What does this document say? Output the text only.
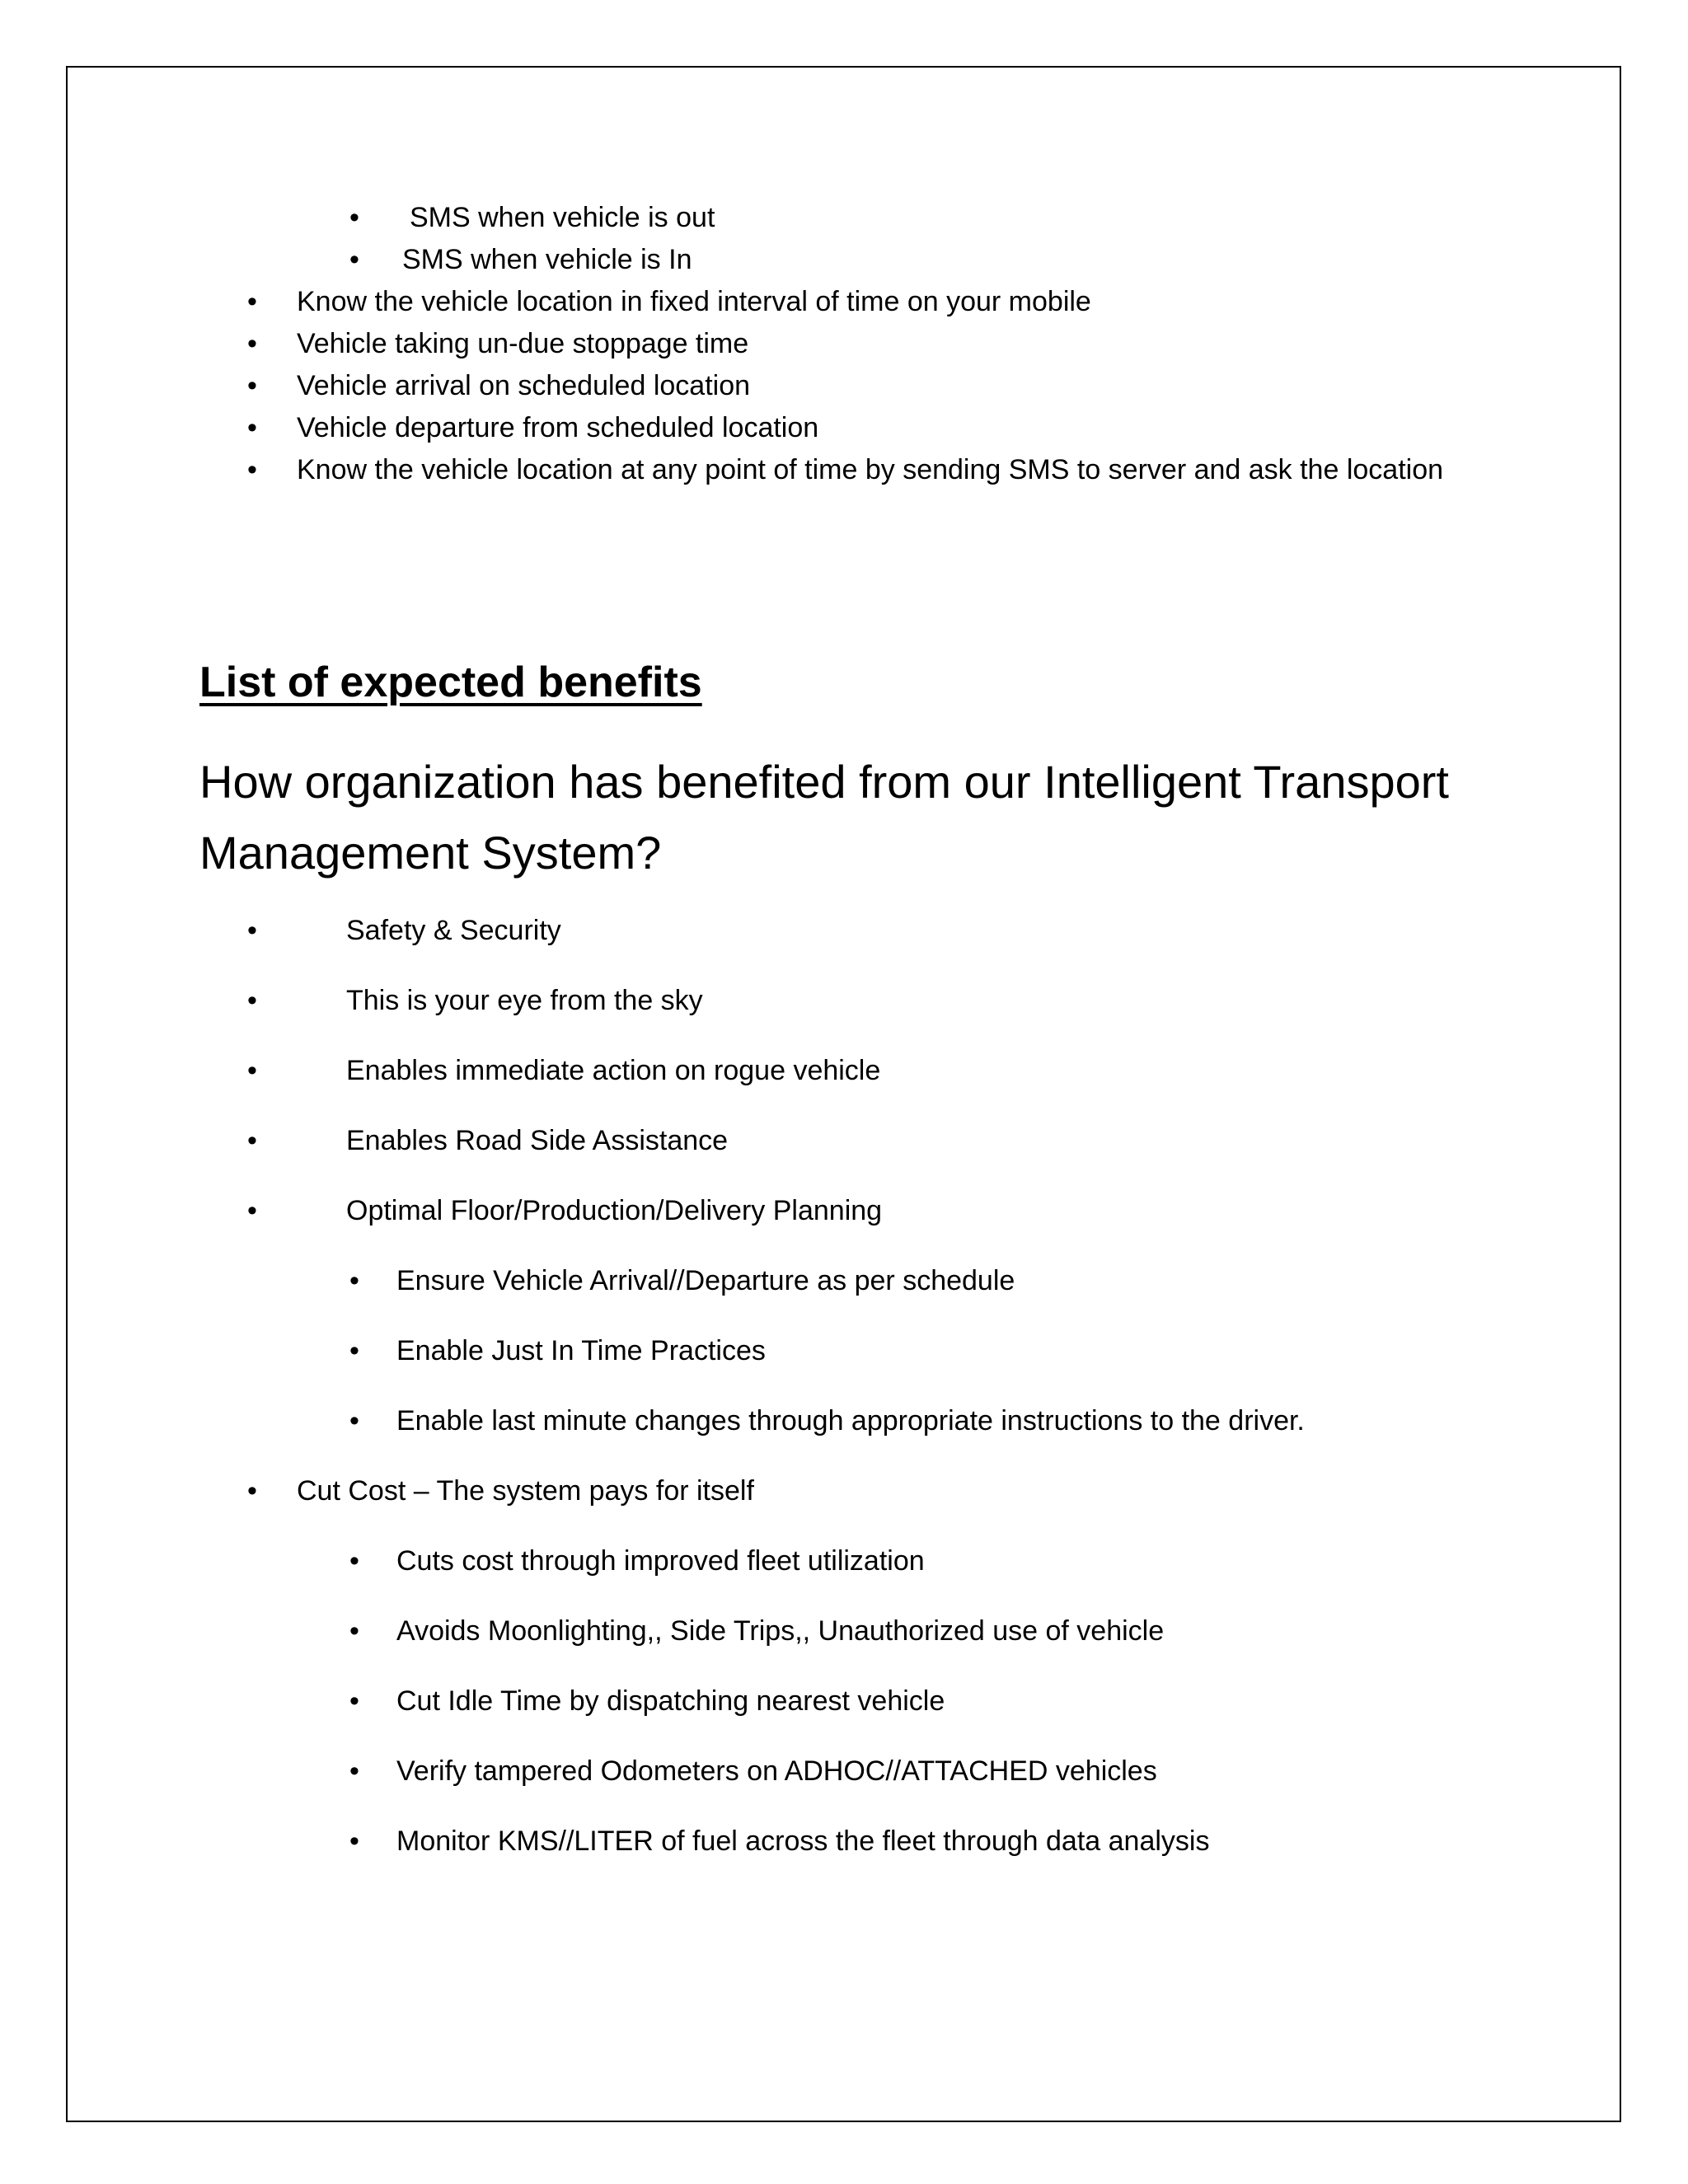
• SMS when vehicle is out
• SMS when vehicle is In
• Know the vehicle location in fixed interval of time on your mobile
• Vehicle taking un-due stoppage time
• Vehicle arrival on scheduled location
• Vehicle departure from scheduled location
• Know the vehicle location at any point of time by sending SMS to server and ask the location
List of expected benefits
How organization has benefited from our Intelligent Transport Management System?
•	Safety & Security
•	This is your eye from the sky
•	Enables immediate action on rogue vehicle
•	Enables Road Side Assistance
•	Optimal Floor/Production/Delivery Planning
• Ensure Vehicle Arrival//Departure as per schedule
• Enable Just In Time Practices
• Enable last minute changes through appropriate instructions to the driver.
• Cut Cost – The system pays for itself
• Cuts cost through improved fleet utilization
• Avoids Moonlighting,, Side Trips,, Unauthorized use of vehicle
• Cut Idle Time by dispatching nearest vehicle
• Verify tampered Odometers on ADHOC//ATTACHED vehicles
• Monitor KMS//LITER of fuel across the fleet through data analysis
